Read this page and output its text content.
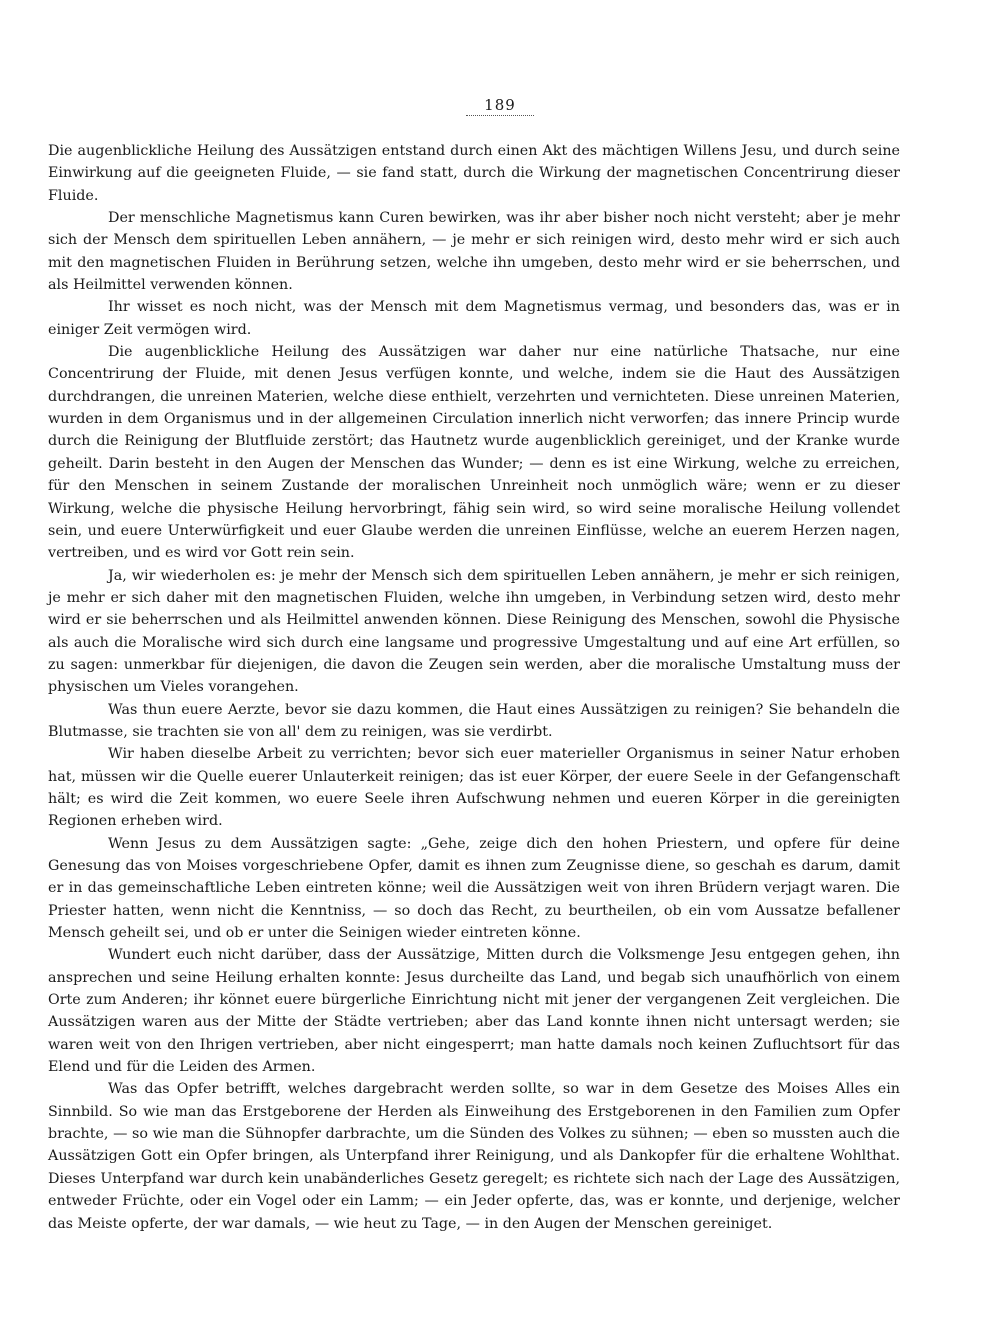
189

Die augenblickliche Heilung des Aussätzigen entstand durch einen Akt des mächtigen Willens Jesu, und durch seine Einwirkung auf die geeigneten Fluide, — sie fand statt, durch die Wirkung der magnetischen Concentrirung dieser Fluide.

Der menschliche Magnetismus kann Curen bewirken, was ihr aber bisher noch nicht versteht; aber je mehr sich der Mensch dem spirituellen Leben annähern, — je mehr er sich reinigen wird, desto mehr wird er sich auch mit den magnetischen Fluiden in Berührung setzen, welche ihn umgeben, desto mehr wird er sie beherrschen, und als Heilmittel verwenden können.

Ihr wisset es noch nicht, was der Mensch mit dem Magnetismus vermag, und besonders das, was er in einiger Zeit vermögen wird.

Die augenblickliche Heilung des Aussätzigen war daher nur eine natürliche Thatsache, nur eine Concentrirung der Fluide, mit denen Jesus verfügen konnte, und welche, indem sie die Haut des Aussätzigen durchdrangen, die unreinen Materien, welche diese enthielt, verzehrten und vernichteten. Diese unreinen Materien, wurden in dem Organismus und in der allgemeinen Circulation innerlich nicht verworfen; das innere Princip wurde durch die Reinigung der Blutfluide zerstört; das Hautnetz wurde augenblicklich gereiniget, und der Kranke wurde geheilt. Darin besteht in den Augen der Menschen das Wunder; — denn es ist eine Wirkung, welche zu erreichen, für den Menschen in seinem Zustande der moralischen Unreinheit noch unmöglich wäre; wenn er zu dieser Wirkung, welche die physische Heilung hervorbringt, fähig sein wird, so wird seine moralische Heilung vollendet sein, und euere Unterwürfigkeit und euer Glaube werden die unreinen Einflüsse, welche an euerem Herzen nagen, vertreiben, und es wird vor Gott rein sein.

Ja, wir wiederholen es: je mehr der Mensch sich dem spirituellen Leben annähern, je mehr er sich reinigen, je mehr er sich daher mit den magnetischen Fluiden, welche ihn umgeben, in Verbindung setzen wird, desto mehr wird er sie beherrschen und als Heilmittel anwenden können. Diese Reinigung des Menschen, sowohl die Physische als auch die Moralische wird sich durch eine langsame und progressive Umgestaltung und auf eine Art erfüllen, so zu sagen: unmerkbar für diejenigen, die davon die Zeugen sein werden, aber die moralische Umstaltung muss der physischen um Vieles vorangehen.

Was thun euere Aerzte, bevor sie dazu kommen, die Haut eines Aussätzigen zu reinigen? Sie behandeln die Blutmasse, sie trachten sie von all' dem zu reinigen, was sie verdirbt.

Wir haben dieselbe Arbeit zu verrichten; bevor sich euer materieller Organismus in seiner Natur erhoben hat, müssen wir die Quelle euerer Unlauterkeit reinigen; das ist euer Körper, der euere Seele in der Gefangenschaft hält; es wird die Zeit kommen, wo euere Seele ihren Aufschwung nehmen und eueren Körper in die gereinigten Regionen erheben wird.

Wenn Jesus zu dem Aussätzigen sagte: „Gehe, zeige dich den hohen Priestern, und opfere für deine Genesung das von Moises vorgeschriebene Opfer, damit es ihnen zum Zeugnisse diene, so geschah es darum, damit er in das gemeinschaftliche Leben eintreten könne; weil die Aussätzigen weit von ihren Brüdern verjagt waren. Die Priester hatten, wenn nicht die Kenntniss, — so doch das Recht, zu beurtheilen, ob ein vom Aussatze befallener Mensch geheilt sei, und ob er unter die Seinigen wieder eintreten könne.

Wundert euch nicht darüber, dass der Aussätzige, Mitten durch die Volksmenge Jesu entgegen gehen, ihn ansprechen und seine Heilung erhalten konnte: Jesus durcheilte das Land, und begab sich unaufhörlich von einem Orte zum Anderen; ihr könnet euere bürgerliche Einrichtung nicht mit jener der vergangenen Zeit vergleichen. Die Aussätzigen waren aus der Mitte der Städte vertrieben; aber das Land konnte ihnen nicht untersagt werden; sie waren weit von den Ihrigen vertrieben, aber nicht eingesperrt; man hatte damals noch keinen Zufluchtsort für das Elend und für die Leiden des Armen.

Was das Opfer betrifft, welches dargebracht werden sollte, so war in dem Gesetze des Moises Alles ein Sinnbild. So wie man das Erstgeborene der Herden als Einweihung des Erstgeborenen in den Familien zum Opfer brachte, — so wie man die Sühnopfer darbrachte, um die Sünden des Volkes zu sühnen; — eben so mussten auch die Aussätzigen Gott ein Opfer bringen, als Unterpfand ihrer Reinigung, und als Dankopfer für die erhaltene Wohlthat. Dieses Unterpfand war durch kein unabänderliches Gesetz geregelt; es richtete sich nach der Lage des Aussätzigen, entweder Früchte, oder ein Vogel oder ein Lamm; — ein Jeder opferte, das, was er konnte, und derjenige, welcher das Meiste opferte, der war damals, — wie heut zu Tage, — in den Augen der Menschen gereiniget.
